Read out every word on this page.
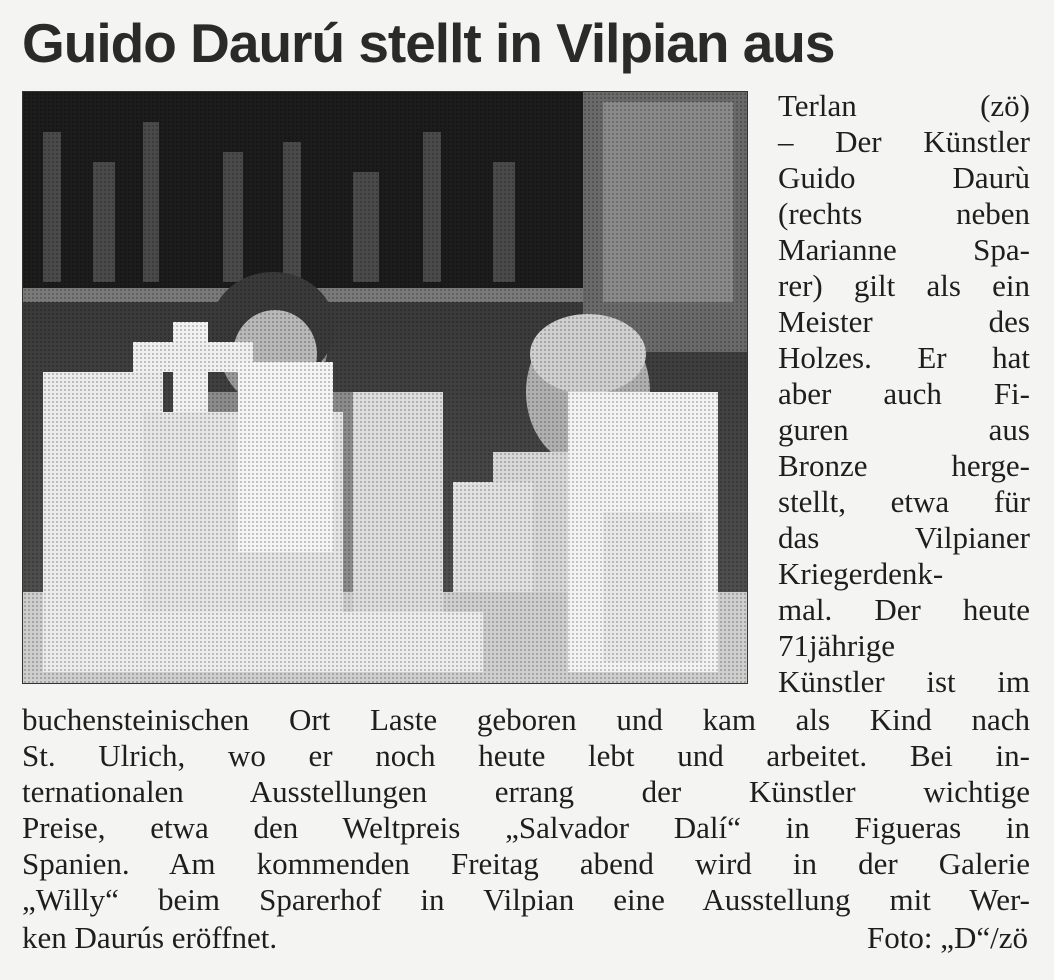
Guido Daurú stellt in Vilpian aus

Terlan (zö)

– Der Künstler

Guido Daurù

(rechts neben

Marianne Spa-

rer) gilt als ein

Meister des

Holzes. Er hat

aber auch Fi-

guren aus

Bronze herge-

stellt, etwa für

das Vilpianer

Kriegerdenk-

mal. Der heute

71jährige

Künstler ist im

buchensteinischen Ort Laste geboren und kam als Kind nach

St. Ulrich, wo er noch heute lebt und arbeitet. Bei in-

ternationalen Ausstellungen errang der Künstler wichtige

Preise, etwa den Weltpreis „Salvador Dalí“ in Figueras in

Spanien. Am kommenden Freitag abend wird in der Galerie

„Willy“ beim Sparerhof in Vilpian eine Ausstellung mit Wer-

ken Daurús eröffnet.	Foto: „D“/zö
